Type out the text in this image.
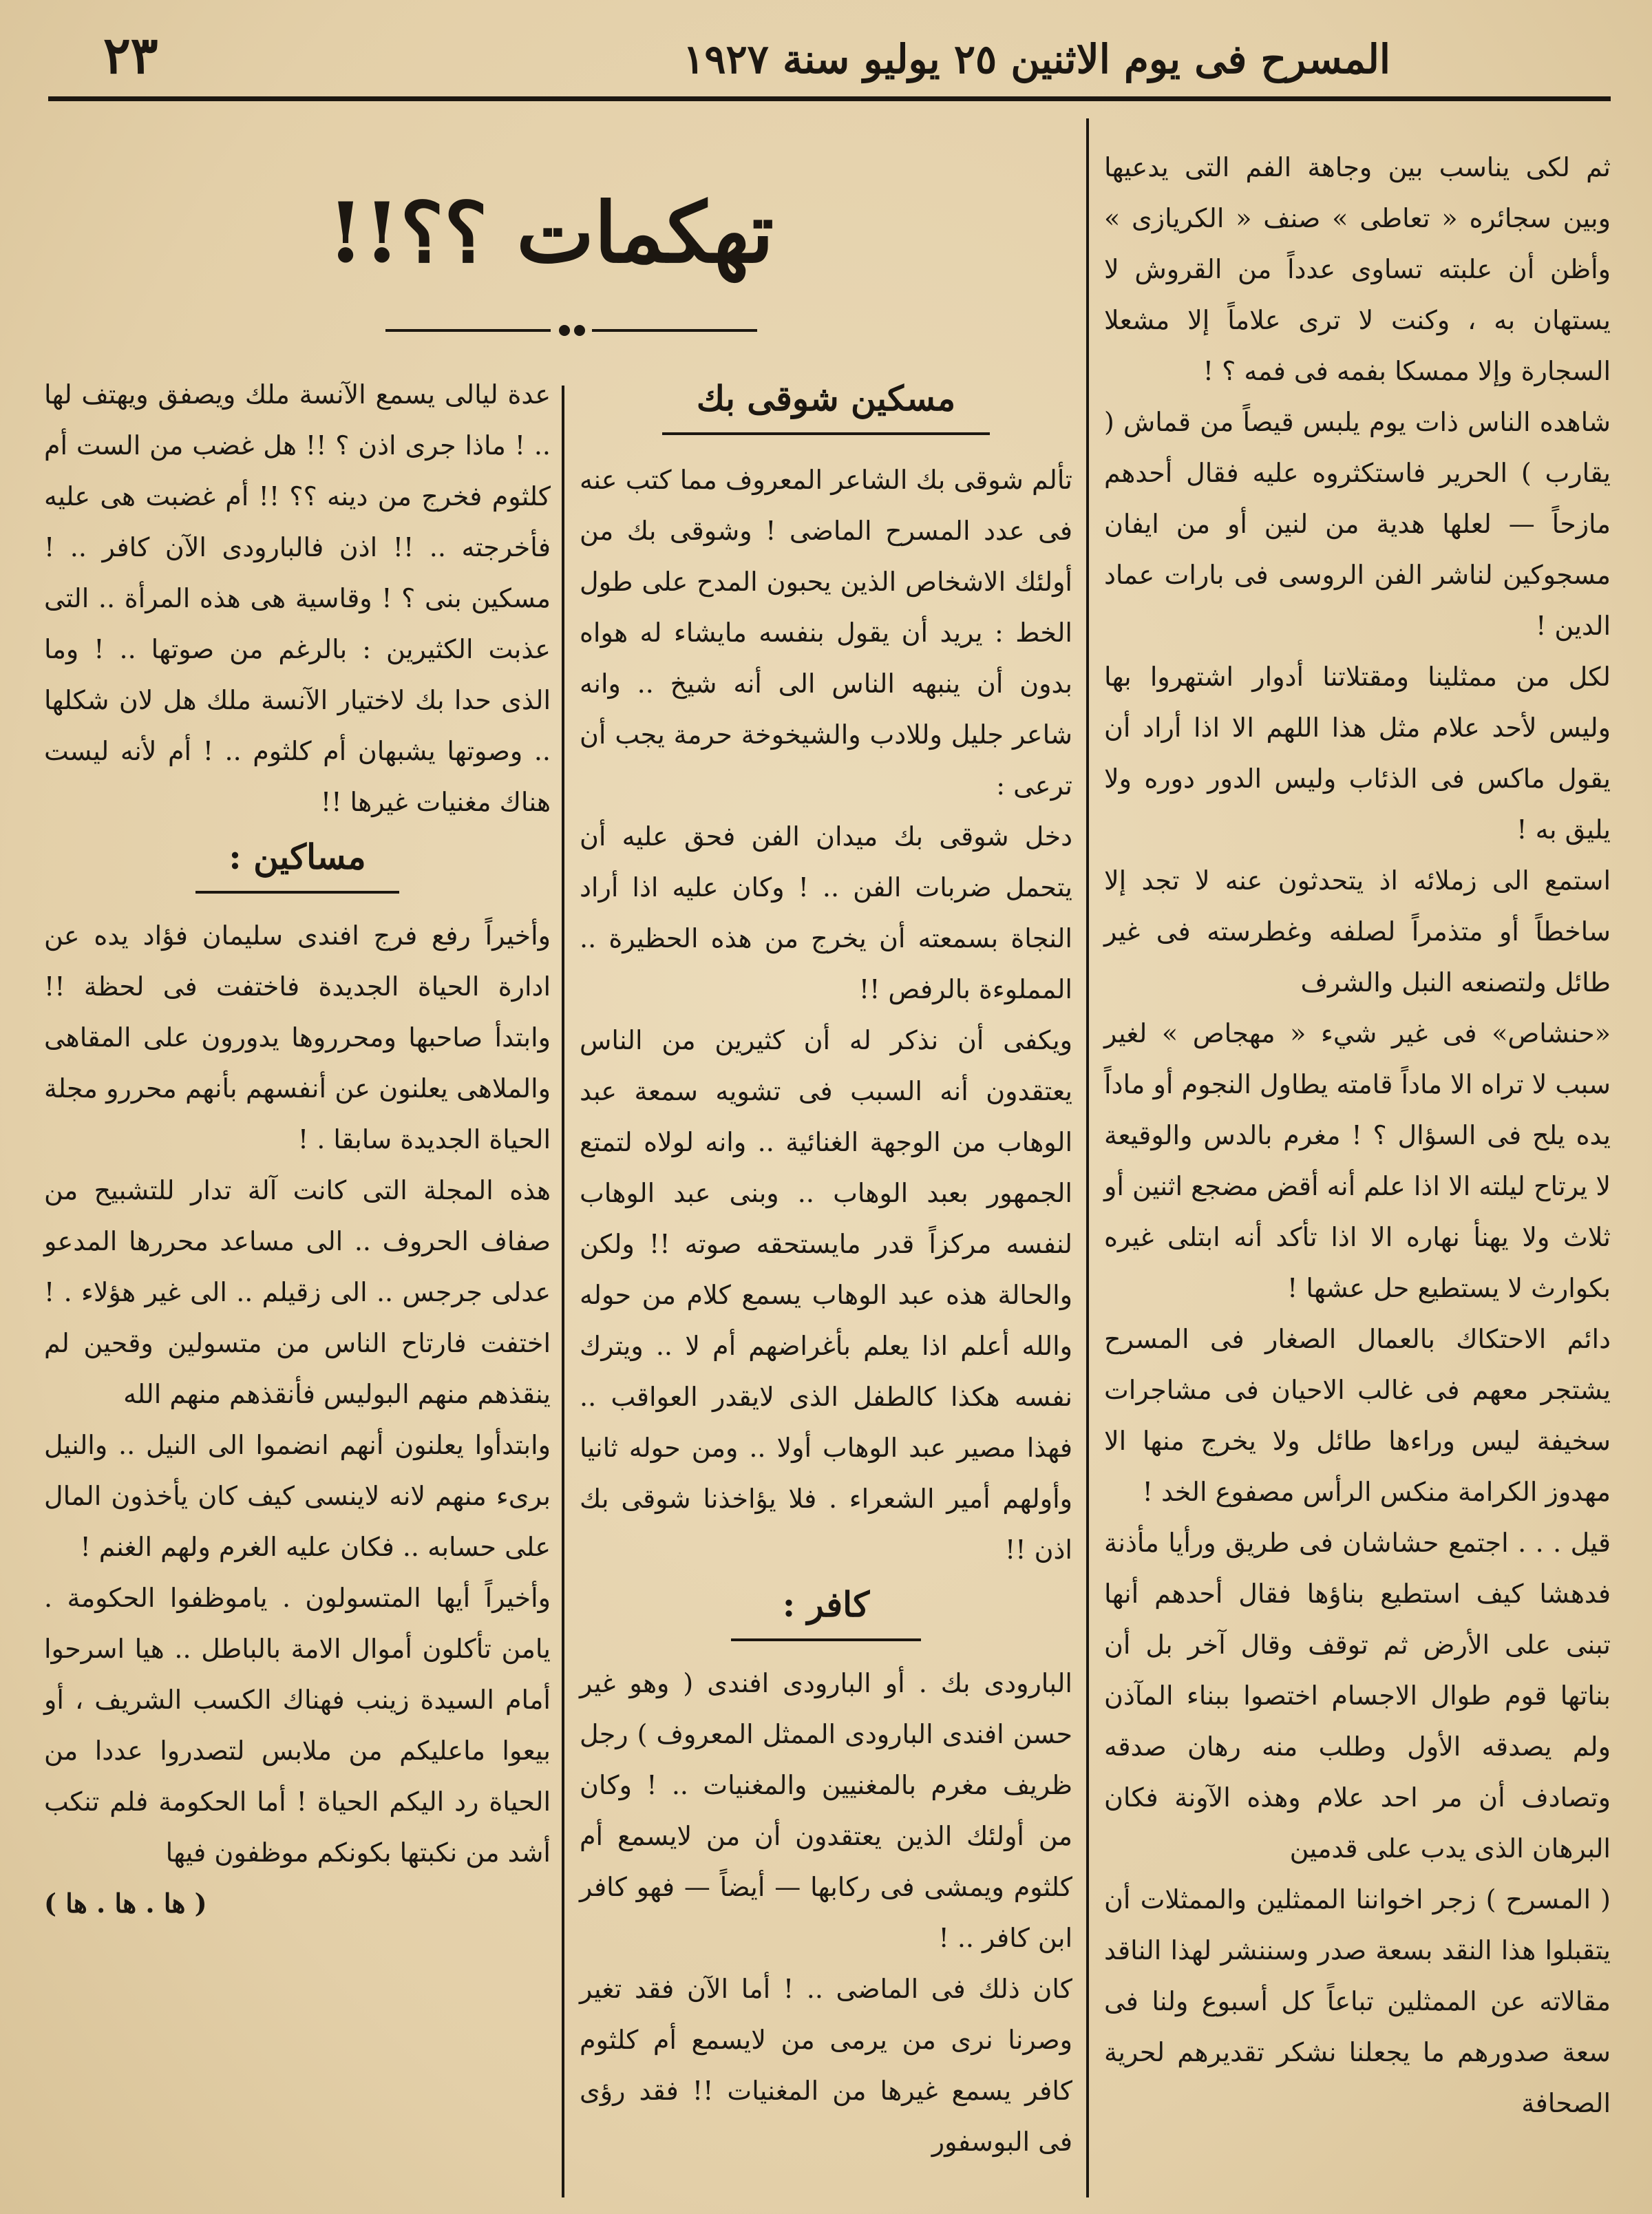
٢٣	المسرح فى يوم الاثنين ٢٥ يوليو سنة ١٩٢٧

ثم لكى يناسب بين وجاهة الفم التى يدعيها وبين سجائره « تعاطى » صنف « الكريازى » وأظن أن علبته تساوى عدداً من القروش لا يستهان به ، وكنت لا ترى علاماً إلا مشعلا السجارة وإلا ممسكا بفمه فى فمه ؟ !

شاهده الناس ذات يوم يلبس قيصاً من قماش ( يقارب ) الحرير فاستكثروه عليه فقال أحدهم مازحاً — لعلها هدية من لنين أو من ايفان مسجوكين لناشر الفن الروسى فى بارات عماد الدين !

لكل من ممثلينا ومقتلاتنا أدوار اشتهروا بها وليس لأحد علام مثل هذا اللهم الا اذا أراد أن يقول ماكس فى الذئاب وليس الدور دوره ولا يليق به !

استمع الى زملائه اذ يتحدثون عنه لا تجد إلا ساخطاً أو متذمراً لصلفه وغطرسته فى غير طائل ولتصنعه النبل والشرف

«حنشاص» فى غير شيء « مهجاص » لغير سبب لا تراه الا ماداً قامته يطاول النجوم أو ماداً يده يلح فى السؤال ؟ ! مغرم بالدس والوقيعة لا يرتاح ليلته الا اذا علم أنه أقض مضجع اثنين أو ثلاث ولا يهنأ نهاره الا اذا تأكد أنه ابتلى غيره بكوارث لا يستطيع حل عشها !

دائم الاحتكاك بالعمال الصغار فى المسرح يشتجر معهم فى غالب الاحيان فى مشاجرات سخيفة ليس وراءها طائل ولا يخرج منها الا مهدوز الكرامة منكس الرأس مصفوع الخد !

قيل . . . اجتمع حشاشان فى طريق ورأيا مأذنة فدهشا كيف استطيع بناؤها فقال أحدهم أنها تبنى على الأرض ثم توقف وقال آخر بل أن بناتها قوم طوال الاجسام اختصوا ببناء المآذن ولم يصدقه الأول وطلب منه رهان صدقه وتصادف أن مر احد علام وهذه الآونة فكان البرهان الذى يدب على قدمين

( المسرح ) زجر اخواننا الممثلين والممثلات أن يتقبلوا هذا النقد بسعة صدر وسننشر لهذا الناقد مقالاته عن الممثلين تباعاً كل أسبوع ولنا فى سعة صدورهم ما يجعلنا نشكر تقديرهم لحرية الصحافة

تهكمات ؟؟!!
مسكين شوقى بك

تألم شوقى بك الشاعر المعروف مما كتب عنه فى عدد المسرح الماضى ! وشوقى بك من أولئك الاشخاص الذين يحبون المدح على طول الخط : يريد أن يقول بنفسه مايشاء له هواه بدون أن ينبهه الناس الى أنه شيخ .. وانه شاعر جليل وللادب والشيخوخة حرمة يجب أن ترعى :

دخل شوقى بك ميدان الفن فحق عليه أن يتحمل ضربات الفن .. ! وكان عليه اذا أراد النجاة بسمعته أن يخرج من هذه الحظيرة .. المملوءة بالرفص !!

ويكفى أن نذكر له أن كثيرين من الناس يعتقدون أنه السبب فى تشويه سمعة عبد الوهاب من الوجهة الغنائية .. وانه لولاه لتمتع الجمهور بعبد الوهاب .. وبنى عبد الوهاب لنفسه مركزاً قدر مايستحقه صوته !! ولكن والحالة هذه عبد الوهاب يسمع كلام من حوله والله أعلم اذا يعلم بأغراضهم أم لا .. ويترك نفسه هكذا كالطفل الذى لايقدر العواقب .. فهذا مصير عبد الوهاب أولا .. ومن حوله ثانيا وأولهم أمير الشعراء . فلا يؤاخذنا شوقى بك اذن !!

كافر :

البارودى بك . أو البارودى افندى ( وهو غير حسن افندى البارودى الممثل المعروف ) رجل ظريف مغرم بالمغنيين والمغنيات .. ! وكان من أولئك الذين يعتقدون أن من لايسمع أم كلثوم ويمشى فى ركابها — أيضاً — فهو كافر ابن كافر .. !

كان ذلك فى الماضى .. ! أما الآن فقد تغير وصرنا نرى من يرمى من لايسمع أم كلثوم كافر يسمع غيرها من المغنيات !! فقد رؤى فى البوسفور

عدة ليالى يسمع الآنسة ملك ويصفق ويهتف لها .. ! ماذا جرى اذن ؟ !! هل غضب من الست أم كلثوم فخرج من دينه ؟؟ !! أم غضبت هى عليه فأخرجته .. !! اذن فالبارودى الآن كافر .. ! مسكين بنى ؟ ! وقاسية هى هذه المرأة .. التى عذبت الكثيرين : بالرغم من صوتها .. ! وما الذى حدا بك لاختيار الآنسة ملك هل لان شكلها .. وصوتها يشبهان أم كلثوم .. ! أم لأنه ليست هناك مغنيات غيرها !!

مساكين :

وأخيراً رفع فرج افندى سليمان فؤاد يده عن ادارة الحياة الجديدة فاختفت فى لحظة !! وابتدأ صاحبها ومحرروها يدورون على المقاهى والملاهى يعلنون عن أنفسهم بأنهم محررو مجلة الحياة الجديدة سابقا . !

هذه المجلة التى كانت آلة تدار للتشبيح من صفاف الحروف .. الى مساعد محررها المدعو عدلى جرجس .. الى زقيلم .. الى غير هؤلاء . ! اختفت فارتاح الناس من متسولين وقحين لم ينقذهم منهم البوليس فأنقذهم منهم الله

وابتدأوا يعلنون أنهم انضموا الى النيل .. والنيل برىء منهم لانه لاينسى كيف كان يأخذون المال على حسابه .. فكان عليه الغرم ولهم الغنم !

وأخيراً أيها المتسولون . ياموظفوا الحكومة . يامن تأكلون أموال الامة بالباطل .. هيا اسرحوا أمام السيدة زينب فهناك الكسب الشريف ، أو بيعوا ماعليكم من ملابس لتصدروا عددا من الحياة رد اليكم الحياة ! أما الحكومة فلم تنكب أشد من نكبتها بكونكم موظفون فيها

( ها . ها . ها )
